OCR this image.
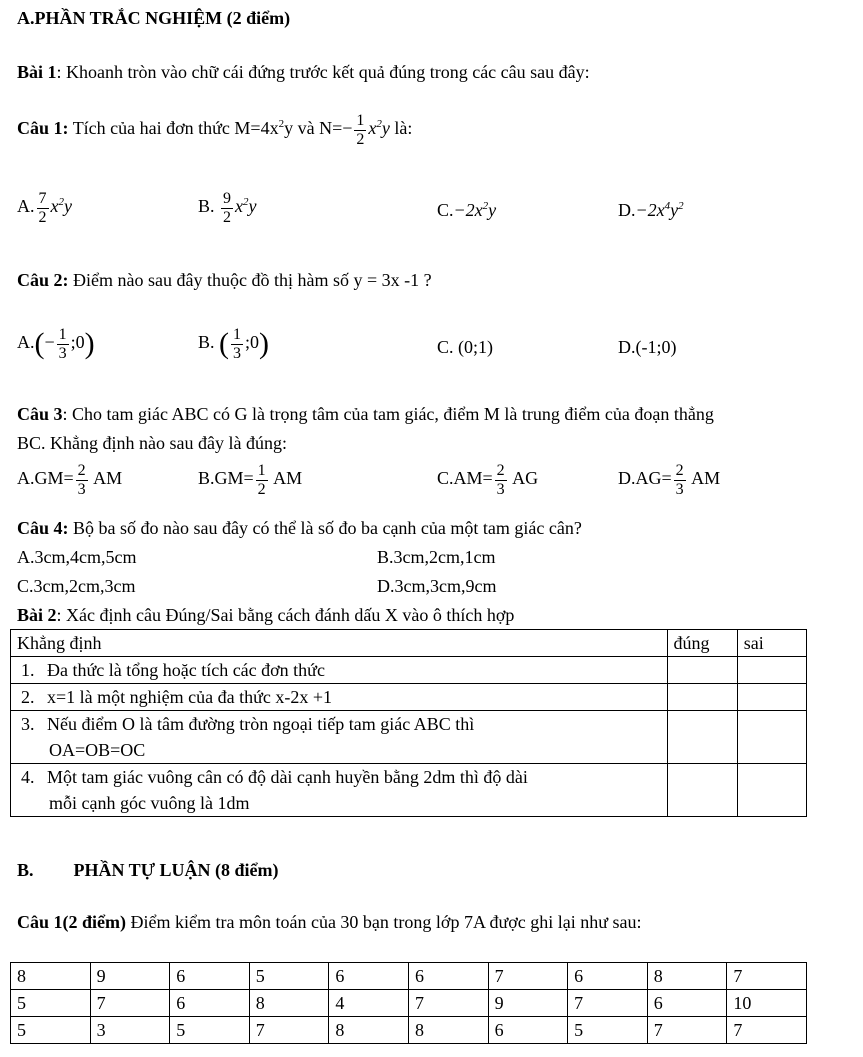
A.PHẦN TRẮC NGHIỆM (2 điểm)
Bài 1: Khoanh tròn vào chữ cái đứng trước kết quả đúng trong các câu sau đây:
Câu 1: Tích của hai đơn thức $M=4x^2y$ và $N=- \frac{1}{2} x^2y$ là:
A. $\frac{7}{2} x^2y$	B. $\frac{9}{2} x^2y$	$C.-2x^2y$	$D.-2x^4y^2$
Câu 2: Điểm nào sau đây thuộc đồ thị hàm số y = 3x -1 ?
$A.(- \frac{1}{3}$ ;0)	B. ( $\frac{1}{3}$ ;0)	C. (0;1)	D.(-1;0)
Câu 3: Cho tam giác ABC có G là trọng tâm của tam giác, điểm M là trung điểm của đoạn thẳng
BC. Khẳng định nào sau đây là đúng:
$A.GM= \frac{2}{3}$ AM	$B.GM= \frac{1}{2}$ AM	$C.AM= \frac{2}{3}$ AG	$D.AG= \frac{2}{3}$ AM
Câu 4: Bộ ba số đo nào sau đây có thể là số đo ba cạnh của một tam giác cân?
A.3cm,4cm,5cm	B.3cm,2cm,1cm
C.3cm,2cm,3cm	D.3cm,3cm,9cm
Bài 2: Xác định câu Đúng/Sai bằng cách đánh dấu X vào ô thích hợp
Khẳng định	đúng	sai
1. Đa thức là tổng hoặc tích các đơn thức		
2. x=1 là một nghiệm của đa thức x-2x +1		
3. Nếu điểm O là tâm đường tròn ngoại tiếp tam giác ABC thì
OA=OB=OC		
4. Một tam giác vuông cân có độ dài cạnh huyền bằng 2dm thì độ dài
mỗi cạnh góc vuông là 1dm		
B. PHẦN TỰ LUẬN (8 điểm)
Câu 1(2 điểm) Điểm kiểm tra môn toán của 30 bạn trong lớp 7A được ghi lại như sau:
8	9	6	5	6	6	7	6	8	7
5	7	6	8	4	7	9	7	6	10
5	3	5	7	8	8	6	5	7	7
